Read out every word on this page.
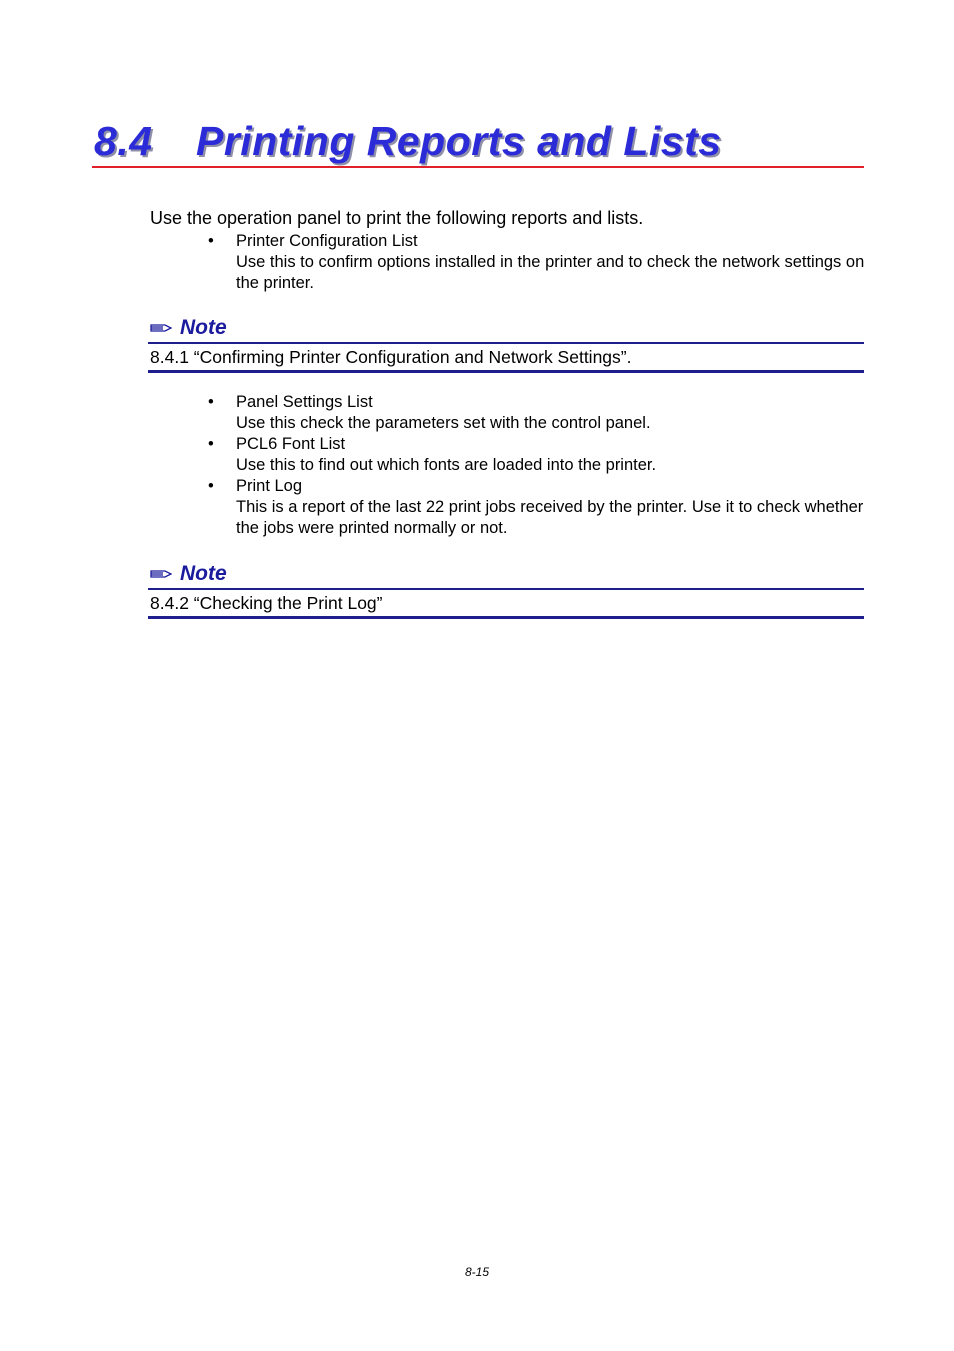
8.4 Printing Reports and Lists
Use the operation panel to print the following reports and lists.
• Printer Configuration List
Use this to confirm options installed in the printer and to check the network settings on the printer.
Note
8.4.1 “Confirming Printer Configuration and Network Settings”.
• Panel Settings List
Use this check the parameters set with the control panel.
• PCL6 Font List
Use this to find out which fonts are loaded into the printer.
• Print Log
This is a report of the last 22 print jobs received by the printer. Use it to check whether the jobs were printed normally or not.
Note
8.4.2 “Checking the Print Log”
8-15
